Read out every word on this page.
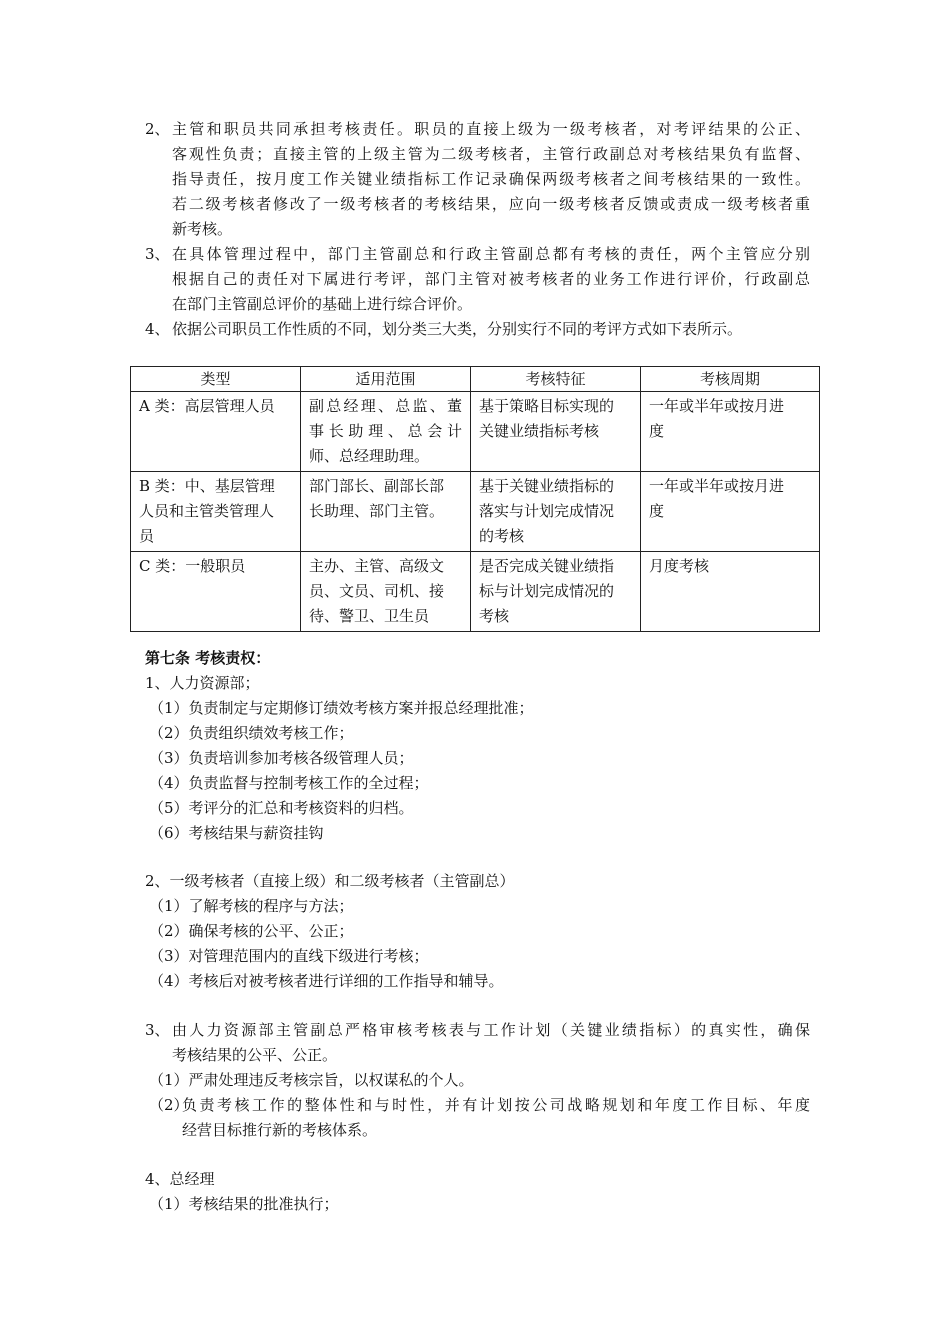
2、 主管和职员共同承担考核责任。职员的直接上级为一级考核者，对考评结果的公正、
客观性负责；直接主管的上级主管为二级考核者，主管行政副总对考核结果负有监督、
指导责任，按月度工作关键业绩指标工作记录确保两级考核者之间考核结果的一致性。
若二级考核者修改了一级考核者的考核结果，应向一级考核者反馈或责成一级考核者重
新考核。
3、 在具体管理过程中，部门主管副总和行政主管副总都有考核的责任，两个主管应分别
根据自己的责任对下属进行考评，部门主管对被考核者的业务工作进行评价，行政副总
在部门主管副总评价的基础上进行综合评价。
4、 依据公司职员工作性质的不同，划分类三大类，分别实行不同的考评方式如下表所示。
类型	适用范围	考核特征	考核周期

A 类：高层管理人员	副总经理、总监、董
事长助理、总会计
师、总经理助理。	基于策略目标实现的
关键业绩指标考核	一年或半年或按月进
度

B 类：中、基层管理
人员和主管类管理人
员	部门部长、副部长部
长助理、部门主管。	基于关键业绩指标的
落实与计划完成情况
的考核	一年或半年或按月进
度

C 类：一般职员	主办、主管、高级文
员、文员、司机、接
待、警卫、卫生员	是否完成关键业绩指
标与计划完成情况的
考核	月度考核
第七条 考核责权：
1、人力资源部；
（1）负责制定与定期修订绩效考核方案并报总经理批准；
（2）负责组织绩效考核工作；
（3）负责培训参加考核各级管理人员；
（4）负责监督与控制考核工作的全过程；
（5）考评分的汇总和考核资料的归档。
（6）考核结果与薪资挂钩
2、一级考核者（直接上级）和二级考核者（主管副总）
（1）了解考核的程序与方法；
（2）确保考核的公平、公正；
（3）对管理范围内的直线下级进行考核；
（4）考核后对被考核者进行详细的工作指导和辅导。
3、 由人力资源部主管副总严格审核考核表与工作计划（关键业绩指标）的真实性，确保
考核结果的公平、公正。
（1）严肃处理违反考核宗旨，以权谋私的个人。
（2）
负责考核工作的整体性和与时性，并有计划按公司战略规划和年度工作目标、年度
经营目标推行新的考核体系。
4、总经理
（1）考核结果的批准执行；
